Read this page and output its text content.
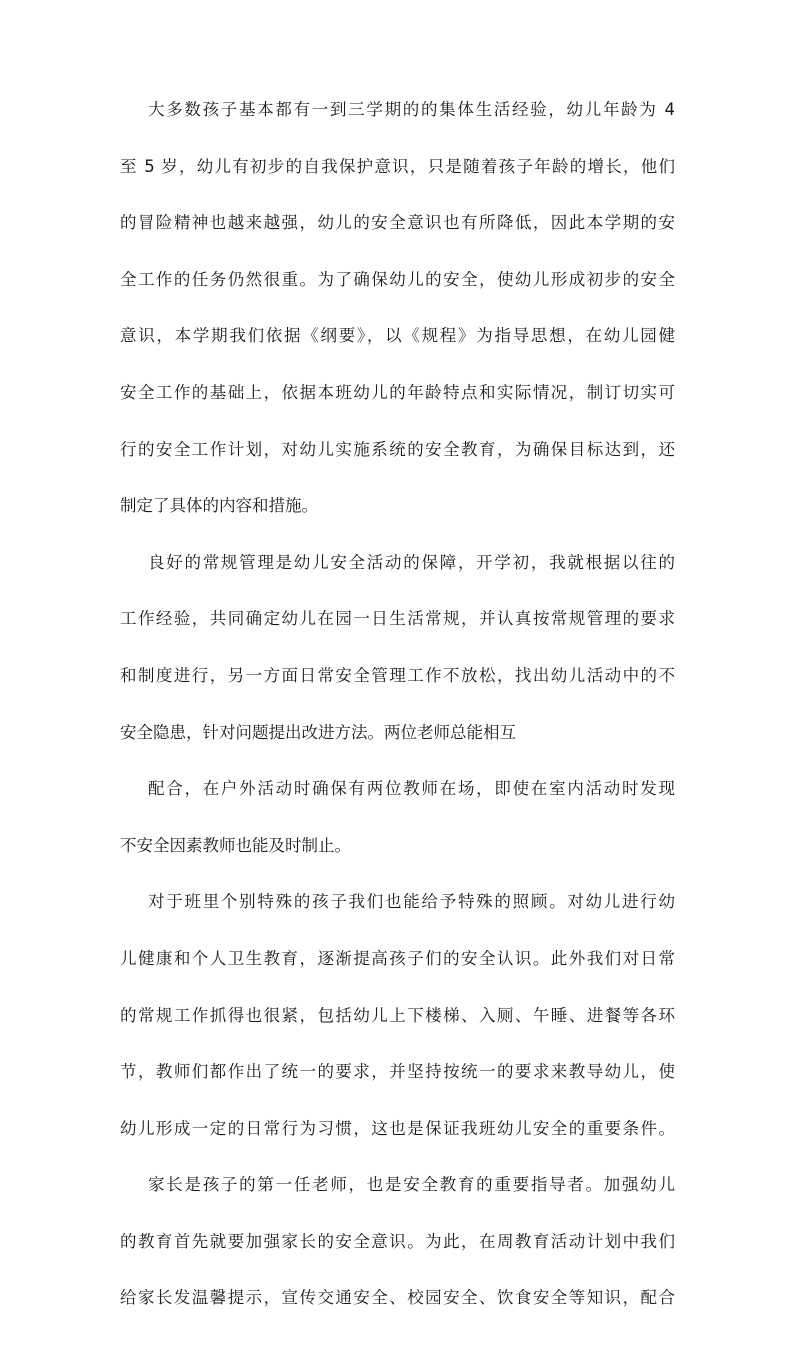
大多数孩子基本都有一到三学期的的集体生活经验，幼儿年龄为 4
至 5 岁，幼儿有初步的自我保护意识，只是随着孩子年龄的增长，他们
的冒险精神也越来越强，幼儿的安全意识也有所降低，因此本学期的安
全工作的任务仍然很重。为了确保幼儿的安全，使幼儿形成初步的安全
意识，本学期我们依据《纲要》，以《规程》为指导思想，在幼儿园健
安全工作的基础上，依据本班幼儿的年龄特点和实际情况，制订切实可
行的安全工作计划，对幼儿实施系统的安全教育，为确保目标达到，还
制定了具体的内容和措施。
良好的常规管理是幼儿安全活动的保障，开学初，我就根据以往的
工作经验，共同确定幼儿在园一日生活常规，并认真按常规管理的要求
和制度进行，另一方面日常安全管理工作不放松，找出幼儿活动中的不
安全隐患，针对问题提出改进方法。两位老师总能相互
配合，在户外活动时确保有两位教师在场，即使在室内活动时发现
不安全因素教师也能及时制止。
对于班里个别特殊的孩子我们也能给予特殊的照顾。对幼儿进行幼
儿健康和个人卫生教育，逐渐提高孩子们的安全认识。此外我们对日常
的常规工作抓得也很紧，包括幼儿上下楼梯、入厕、午睡、进餐等各环
节，教师们都作出了统一的要求，并坚持按统一的要求来教导幼儿，使
幼儿形成一定的日常行为习惯，这也是保证我班幼儿安全的重要条件。
家长是孩子的第一任老师，也是安全教育的重要指导者。加强幼儿
的教育首先就要加强家长的安全意识。为此，在周教育活动计划中我们
给家长发温馨提示，宣传交通安全、校园安全、饮食安全等知识，配合
